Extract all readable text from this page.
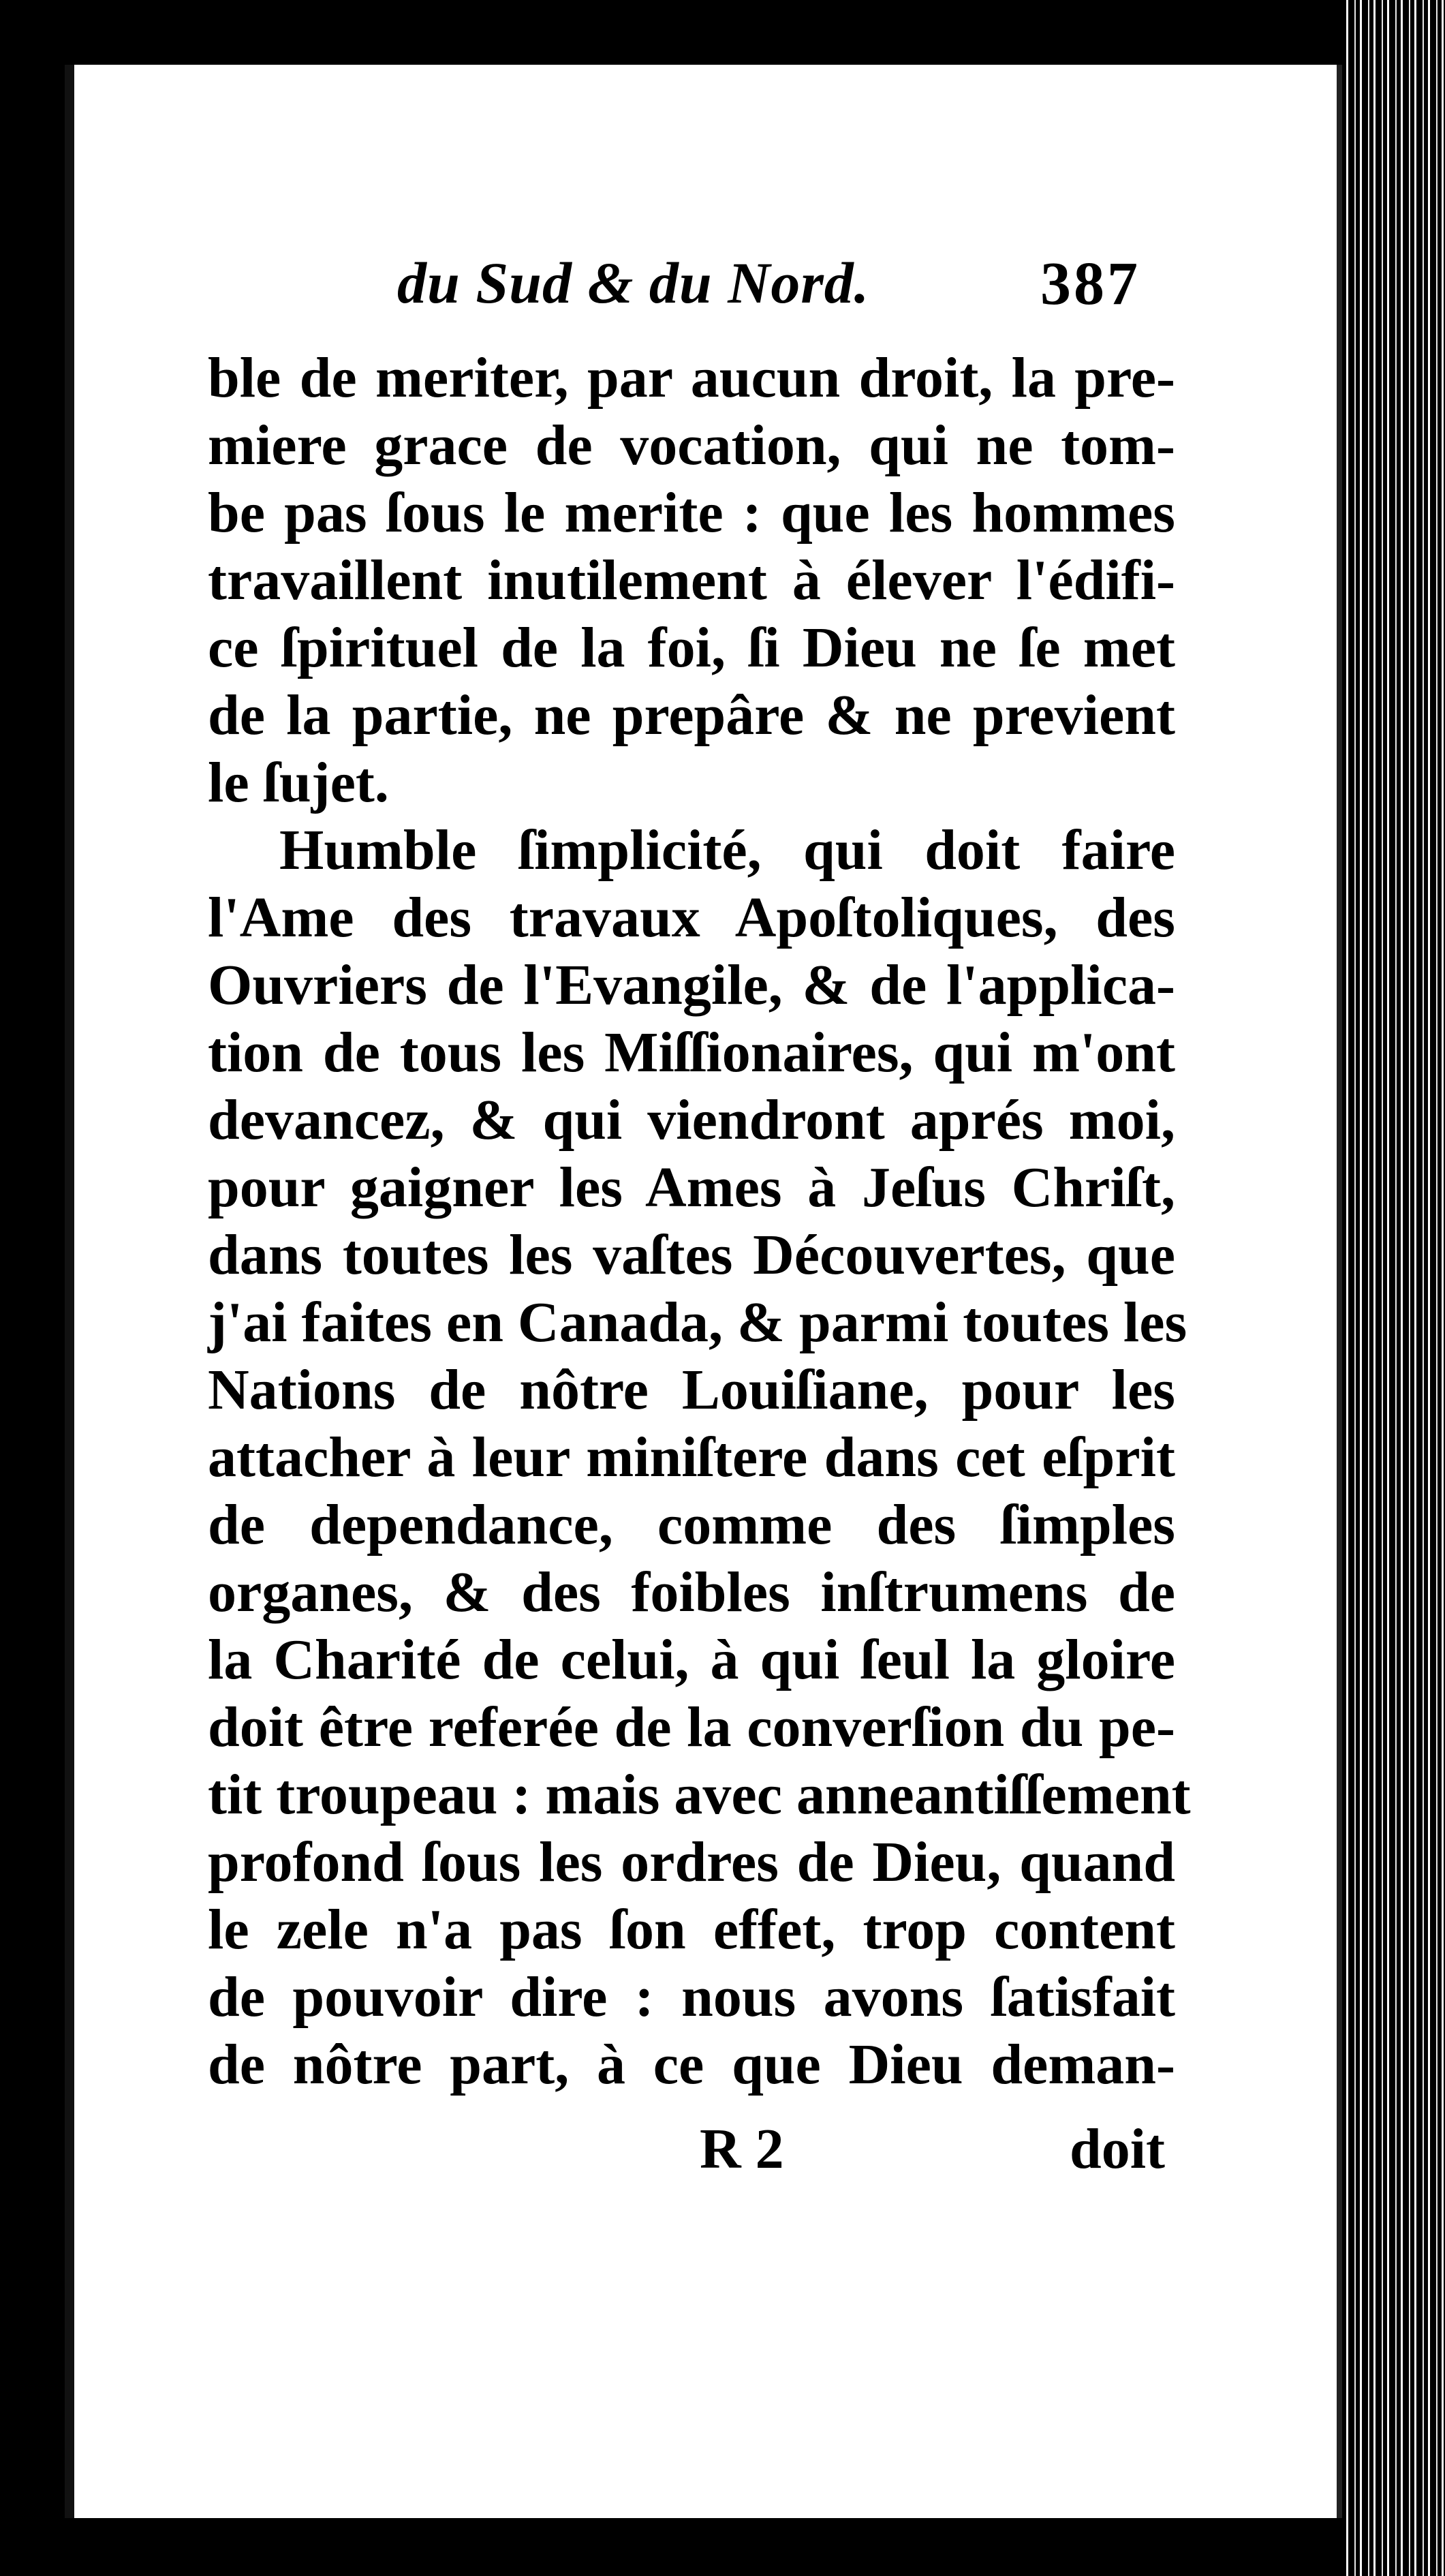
du Sud & du Nord.	387
ble de meriter, par aucun droit, la pre-
miere grace de vocation, qui ne tom-
be pas ſous le merite : que les hommes
travaillent inutilement à élever l'édifi-
ce ſpirituel de la foi, ſi Dieu ne ſe met
de la partie, ne prepâre & ne previent
le ſujet.
Humble ſimplicité, qui doit faire
l'Ame des travaux Apoſtoliques, des
Ouvriers de l'Evangile, & de l'applica-
tion de tous les Miſſionaires, qui m'ont
devancez, & qui viendront aprés moi,
pour gaigner les Ames à Jeſus Chriſt,
dans toutes les vaſtes Découvertes, que
j'ai faites en Canada, & parmi toutes les
Nations de nôtre Louiſiane, pour les
attacher à leur miniſtere dans cet eſprit
de dependance, comme des ſimples
organes, & des foibles inſtrumens de
la Charité de celui, à qui ſeul la gloire
doit être referée de la converſion du pe-
tit troupeau : mais avec anneantiſſement
profond ſous les ordres de Dieu, quand
le zele n'a pas ſon effet, trop content
de pouvoir dire : nous avons ſatisfait
de nôtre part, à ce que Dieu deman-
R 2	doit
